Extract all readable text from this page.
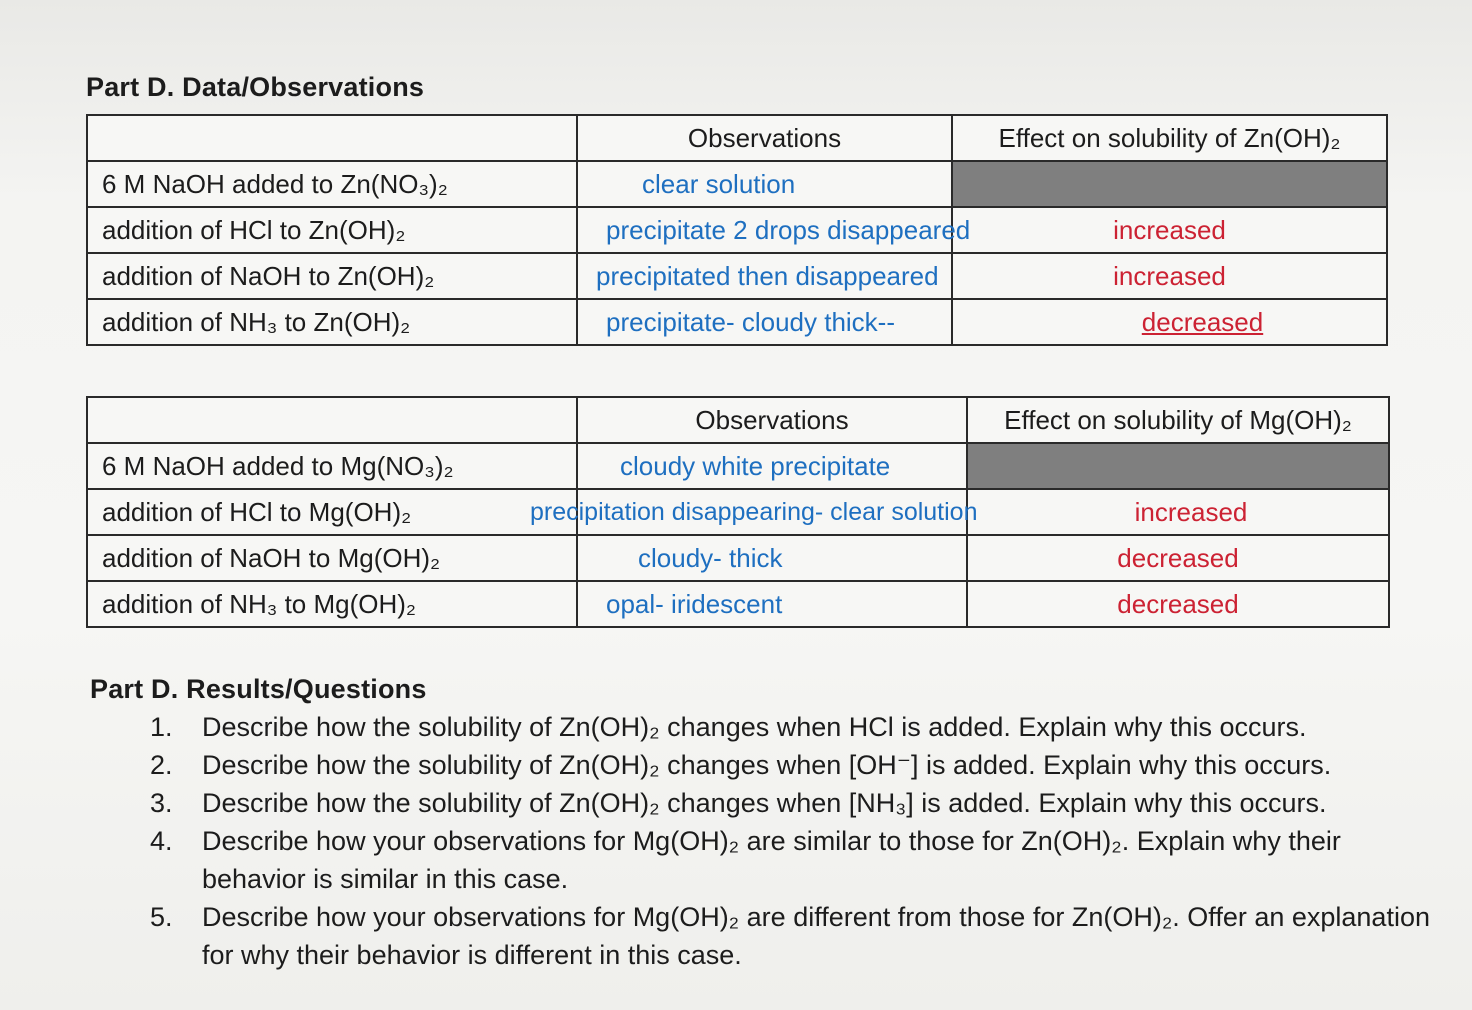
Part D. Data/Observations
	Observations	Effect on solubility of Zn(OH)₂
6 M NaOH added to Zn(NO₃)₂	clear solution	
addition of HCl to Zn(OH)₂	precipitate 2 drops disappeared	increased
addition of NaOH to Zn(OH)₂	precipitated then disappeared	increased
addition of NH₃ to Zn(OH)₂	precipitate- cloudy thick--	decreased
	Observations	Effect on solubility of Mg(OH)₂
6 M NaOH added to Mg(NO₃)₂	cloudy white precipitate	
addition of HCl to Mg(OH)₂	precipitation disappearing- clear solution	increased
addition of NaOH to Mg(OH)₂	cloudy- thick	decreased
addition of NH₃ to Mg(OH)₂	opal- iridescent	decreased
Part D. Results/Questions
1.	Describe how the solubility of Zn(OH)₂ changes when HCl is added. Explain why this occurs.
2.	Describe how the solubility of Zn(OH)₂ changes when [OH⁻] is added. Explain why this occurs.
3.	Describe how the solubility of Zn(OH)₂ changes when [NH₃] is added. Explain why this occurs.
4.	Describe how your observations for Mg(OH)₂ are similar to those for Zn(OH)₂. Explain why their behavior is similar in this case.
5.	Describe how your observations for Mg(OH)₂ are different from those for Zn(OH)₂. Offer an explanation for why their behavior is different in this case.
